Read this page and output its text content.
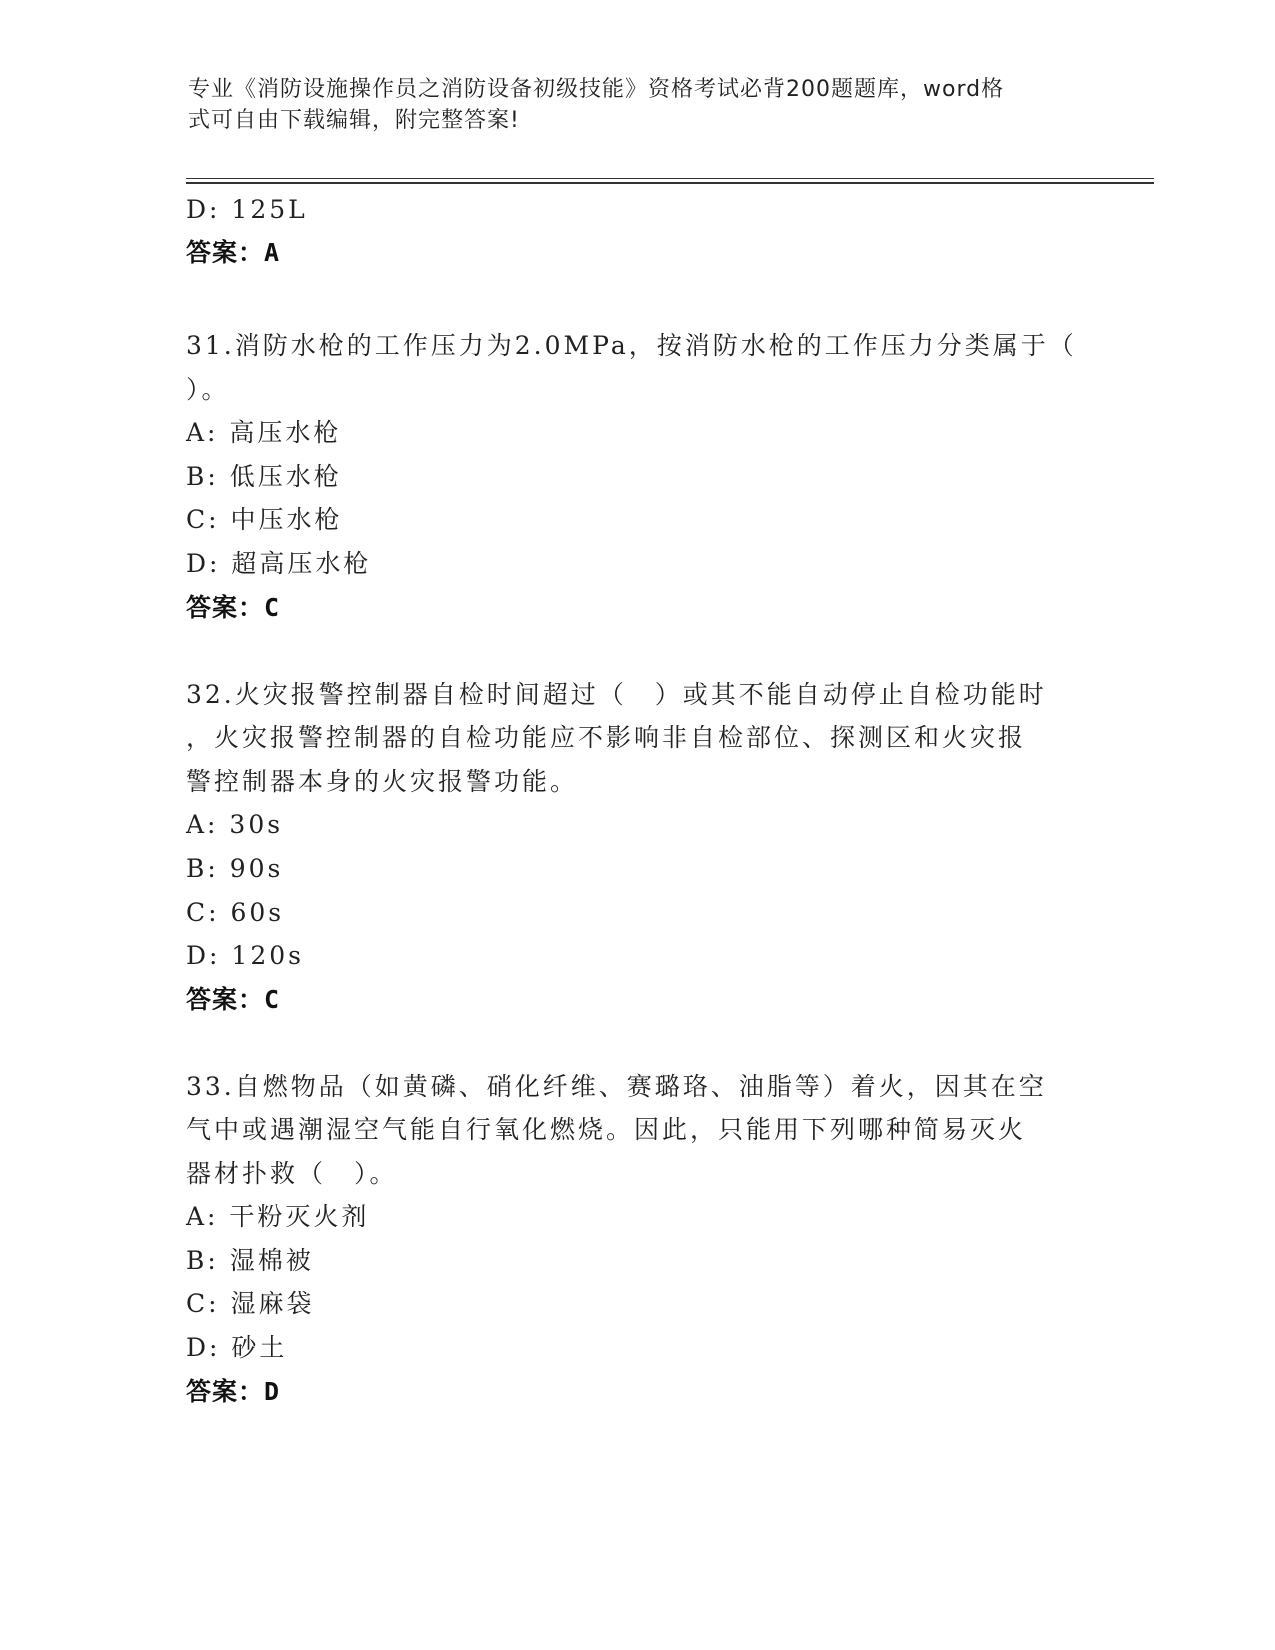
专业《消防设施操作员之消防设备初级技能》资格考试必背200题题库，word格
式可自由下载编辑，附完整答案!
D: 125L
答案：A
31.消防水枪的工作压力为2.0MPa，按消防水枪的工作压力分类属于（
）。
A: 高压水枪
B: 低压水枪
C: 中压水枪
D: 超高压水枪
答案：C
32.火灾报警控制器自检时间超过（　）或其不能自动停止自检功能时
，火灾报警控制器的自检功能应不影响非自检部位、探测区和火灾报
警控制器本身的火灾报警功能。
A: 30s
B: 90s
C: 60s
D: 120s
答案：C
33.自燃物品（如黄磷、硝化纤维、赛璐珞、油脂等）着火，因其在空
气中或遇潮湿空气能自行氧化燃烧。因此，只能用下列哪种简易灭火
器材扑救（　）。
A: 干粉灭火剂
B: 湿棉被
C: 湿麻袋
D: 砂土
答案：D
